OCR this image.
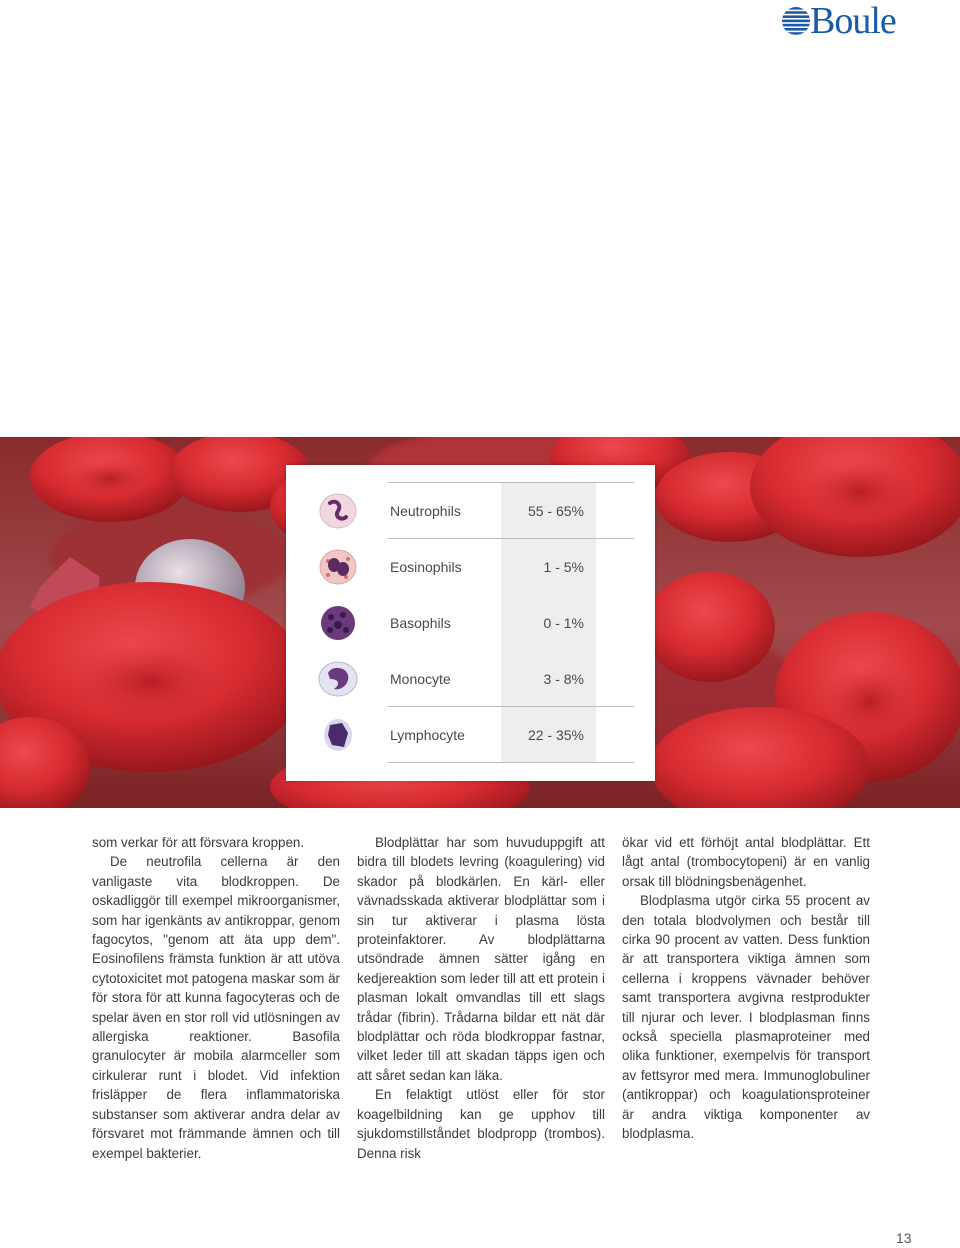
Boule
Neutrophils	55 - 65%
Eosinophils	1 - 5%
Basophils	0 - 1%
Monocyte	3 - 8%
Lymphocyte	22 - 35%

som verkar för att försvara kroppen.

De neutrofila cellerna är den vanligaste vita blodkroppen. De oskadliggör till exempel mikroorganismer, som har igenkänts av antikroppar, genom fagocytos, "genom att äta upp dem". Eosinofilens främsta funktion är att utöva cytotoxicitet mot patogena maskar som är för stora för att kunna fagocyteras och de spelar även en stor roll vid utlösningen av allergiska reaktioner. Basofila granulocyter är mobila alarmceller som cirkulerar runt i blodet. Vid infektion frisläpper de flera inflammatoriska substanser som aktiverar andra delar av försvaret mot främmande ämnen och till exempel bakterier.

Blodplättar har som huvuduppgift att bidra till blodets levring (koagulering) vid skador på blodkärlen. En kärl- eller vävnadsskada aktiverar blodplättar som i sin tur aktiverar i plasma lösta proteinfaktorer. Av blodplättarna utsöndrade ämnen sätter igång en kedjereaktion som leder till att ett protein i plasman lokalt omvandlas till ett slags trådar (fibrin). Trådarna bildar ett nät där blodplättar och röda blodkroppar fastnar, vilket leder till att skadan täpps igen och att såret sedan kan läka.

En felaktigt utlöst eller för stor koagelbildning kan ge upphov till sjukdomstillståndet blodpropp (trombos). Denna risk

ökar vid ett förhöjt antal blodplättar. Ett lågt antal (trombocytopeni) är en vanlig orsak till blödningsbenägenhet.

Blodplasma utgör cirka 55 procent av den totala blodvolymen och består till cirka 90 procent av vatten. Dess funktion är att transportera viktiga ämnen som cellerna i kroppens vävnader behöver samt transportera avgivna restprodukter till njurar och lever. I blodplasman finns också speciella plasmaproteiner med olika funktioner, exempelvis för transport av fettsyror med mera. Immunoglobuliner (antikroppar) och koagulationsproteiner är andra viktiga komponenter av blodplasma.

13
